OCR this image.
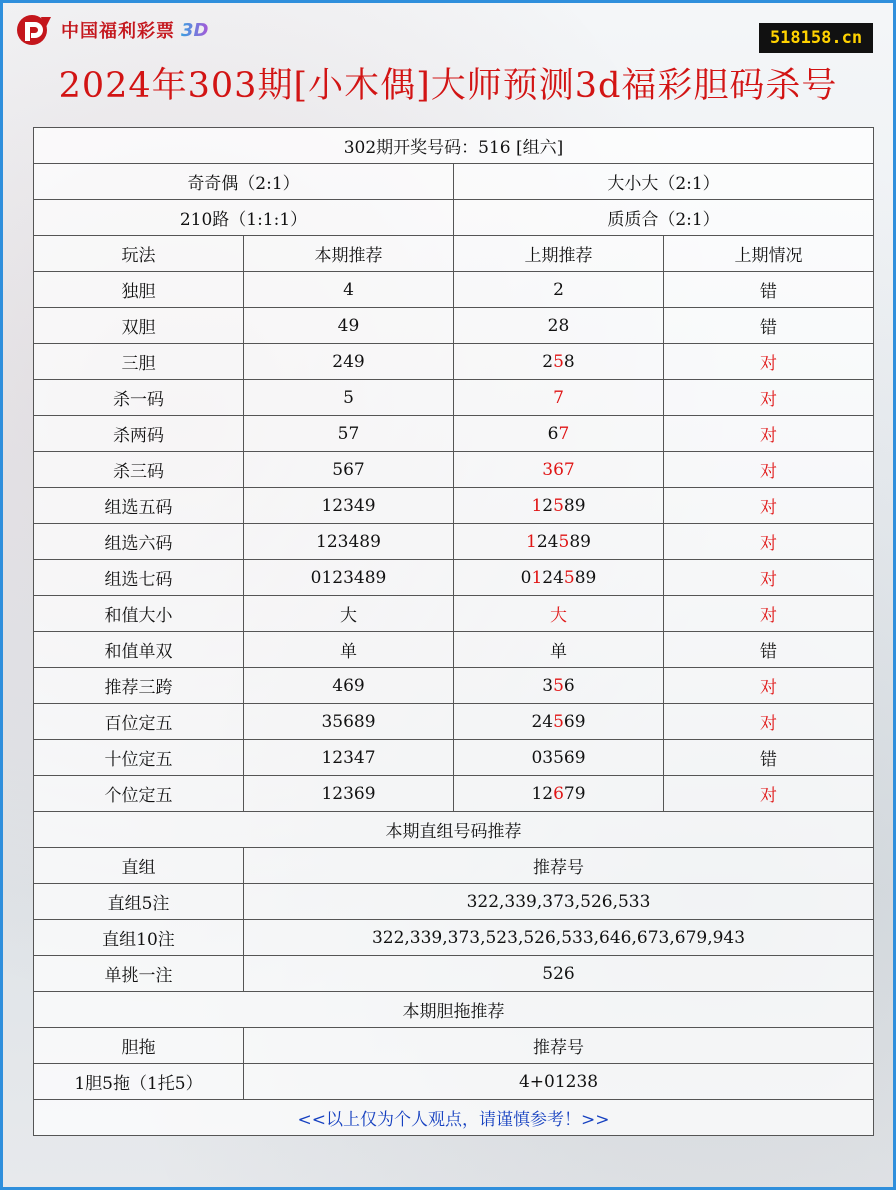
中国福利彩票 3D	518158.cn
2024年303期[小木偶]大师预测3d福彩胆码杀号
302期开奖号码：516 [组六]			
奇奇偶（2:1）		大小大（2:1）	
210路（1:1:1）		质质合（2:1）	
玩法	本期推荐	上期推荐	上期情况
独胆	4	2	错
双胆	49	28	错
三胆	249	258	对
杀一码	5	7	对
杀两码	57	67	对
杀三码	567	367	对
组选五码	12349	12589	对
组选六码	123489	124589	对
组选七码	0123489	0124589	对
和值大小	大	大	对
和值单双	单	单	错
推荐三跨	469	356	对
百位定五	35689	24569	对
十位定五	12347	03569	错
个位定五	12369	12679	对
本期直组号码推荐			
直组	推荐号		
直组5注	322,339,373,526,533		
直组10注	322,339,373,523,526,533,646,673,679,943		
单挑一注	526		
本期胆拖推荐			
胆拖	推荐号		
1胆5拖（1托5）	4+01238		
<<以上仅为个人观点，请谨慎参考！>>			
